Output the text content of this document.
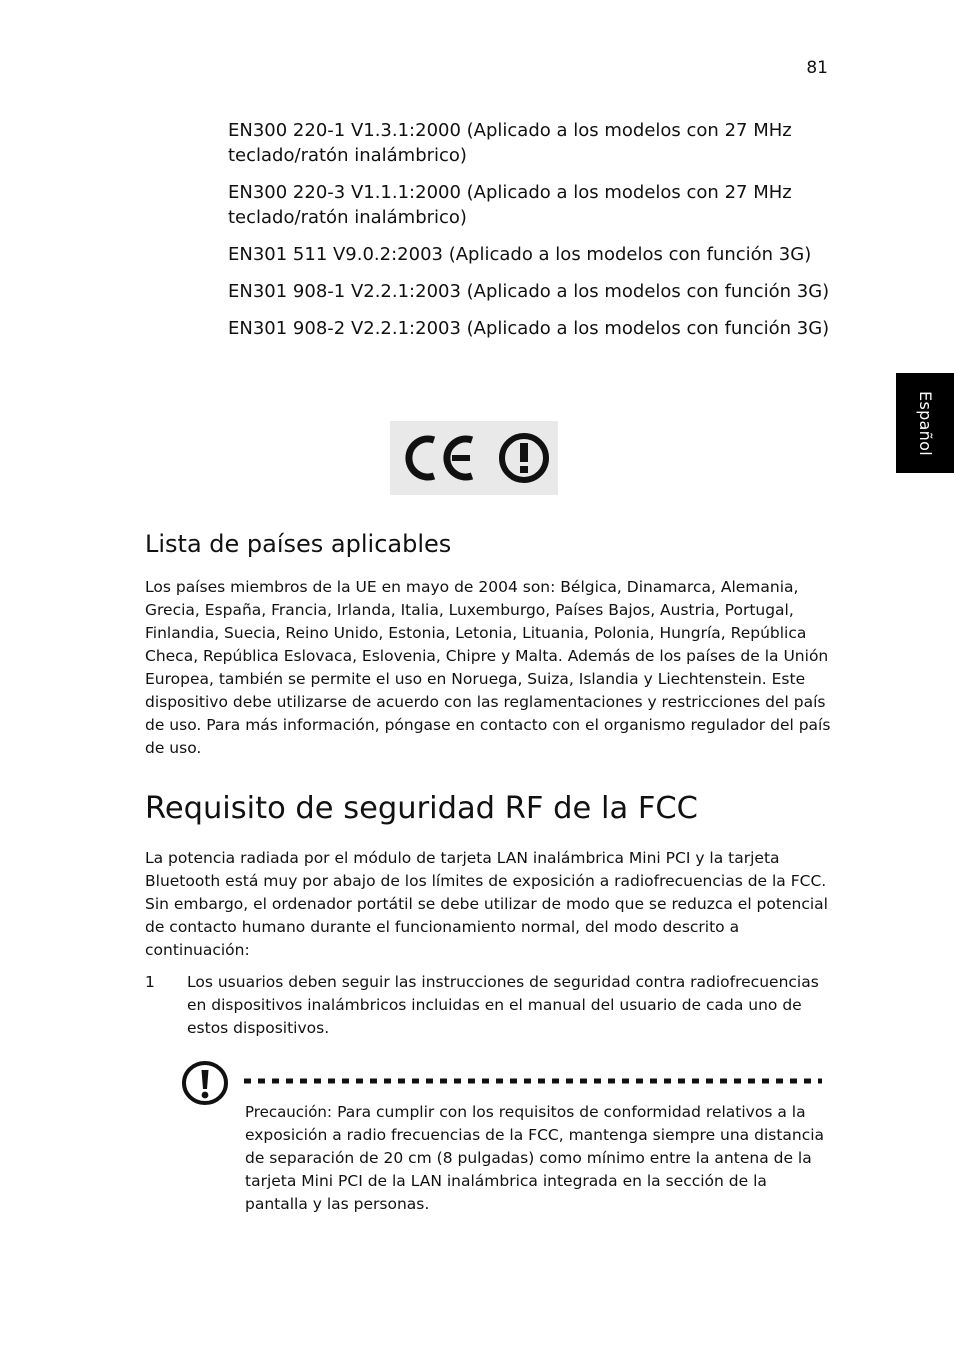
81
Español

EN300 220-1 V1.3.1:2000 (Aplicado a los modelos con 27 MHz teclado/ratón inalámbrico)

EN300 220-3 V1.1.1:2000 (Aplicado a los modelos con 27 MHz teclado/ratón inalámbrico)

EN301 511 V9.0.2:2003 (Aplicado a los modelos con función 3G)

EN301 908-1 V2.2.1:2003 (Aplicado a los modelos con función 3G)

EN301 908-2 V2.2.1:2003 (Aplicado a los modelos con función 3G)

Lista de países aplicables

Los países miembros de la UE en mayo de 2004 son: Bélgica, Dinamarca, Alemania, Grecia, España, Francia, Irlanda, Italia, Luxemburgo, Países Bajos, Austria, Portugal, Finlandia, Suecia, Reino Unido, Estonia, Letonia, Lituania, Polonia, Hungría, República Checa, República Eslovaca, Eslovenia, Chipre y Malta. Además de los países de la Unión Europea, también se permite el uso en Noruega, Suiza, Islandia y Liechtenstein. Este dispositivo debe utilizarse de acuerdo con las reglamentaciones y restricciones del país de uso. Para más información, póngase en contacto con el organismo regulador del país de uso.

Requisito de seguridad RF de la FCC

La potencia radiada por el módulo de tarjeta LAN inalámbrica Mini PCI y la tarjeta Bluetooth está muy por abajo de los límites de exposición a radiofrecuencias de la FCC. Sin embargo, el ordenador portátil se debe utilizar de modo que se reduzca el potencial de contacto humano durante el funcionamiento normal, del modo descrito a continuación:

1	Los usuarios deben seguir las instrucciones de seguridad contra radiofrecuencias en dispositivos inalámbricos incluidas en el manual del usuario de cada uno de estos dispositivos.

Precaución: Para cumplir con los requisitos de conformidad relativos a la exposición a radio frecuencias de la FCC, mantenga siempre una distancia de separación de 20 cm (8 pulgadas) como mínimo entre la antena de la tarjeta Mini PCI de la LAN inalámbrica integrada en la sección de la pantalla y las personas.
